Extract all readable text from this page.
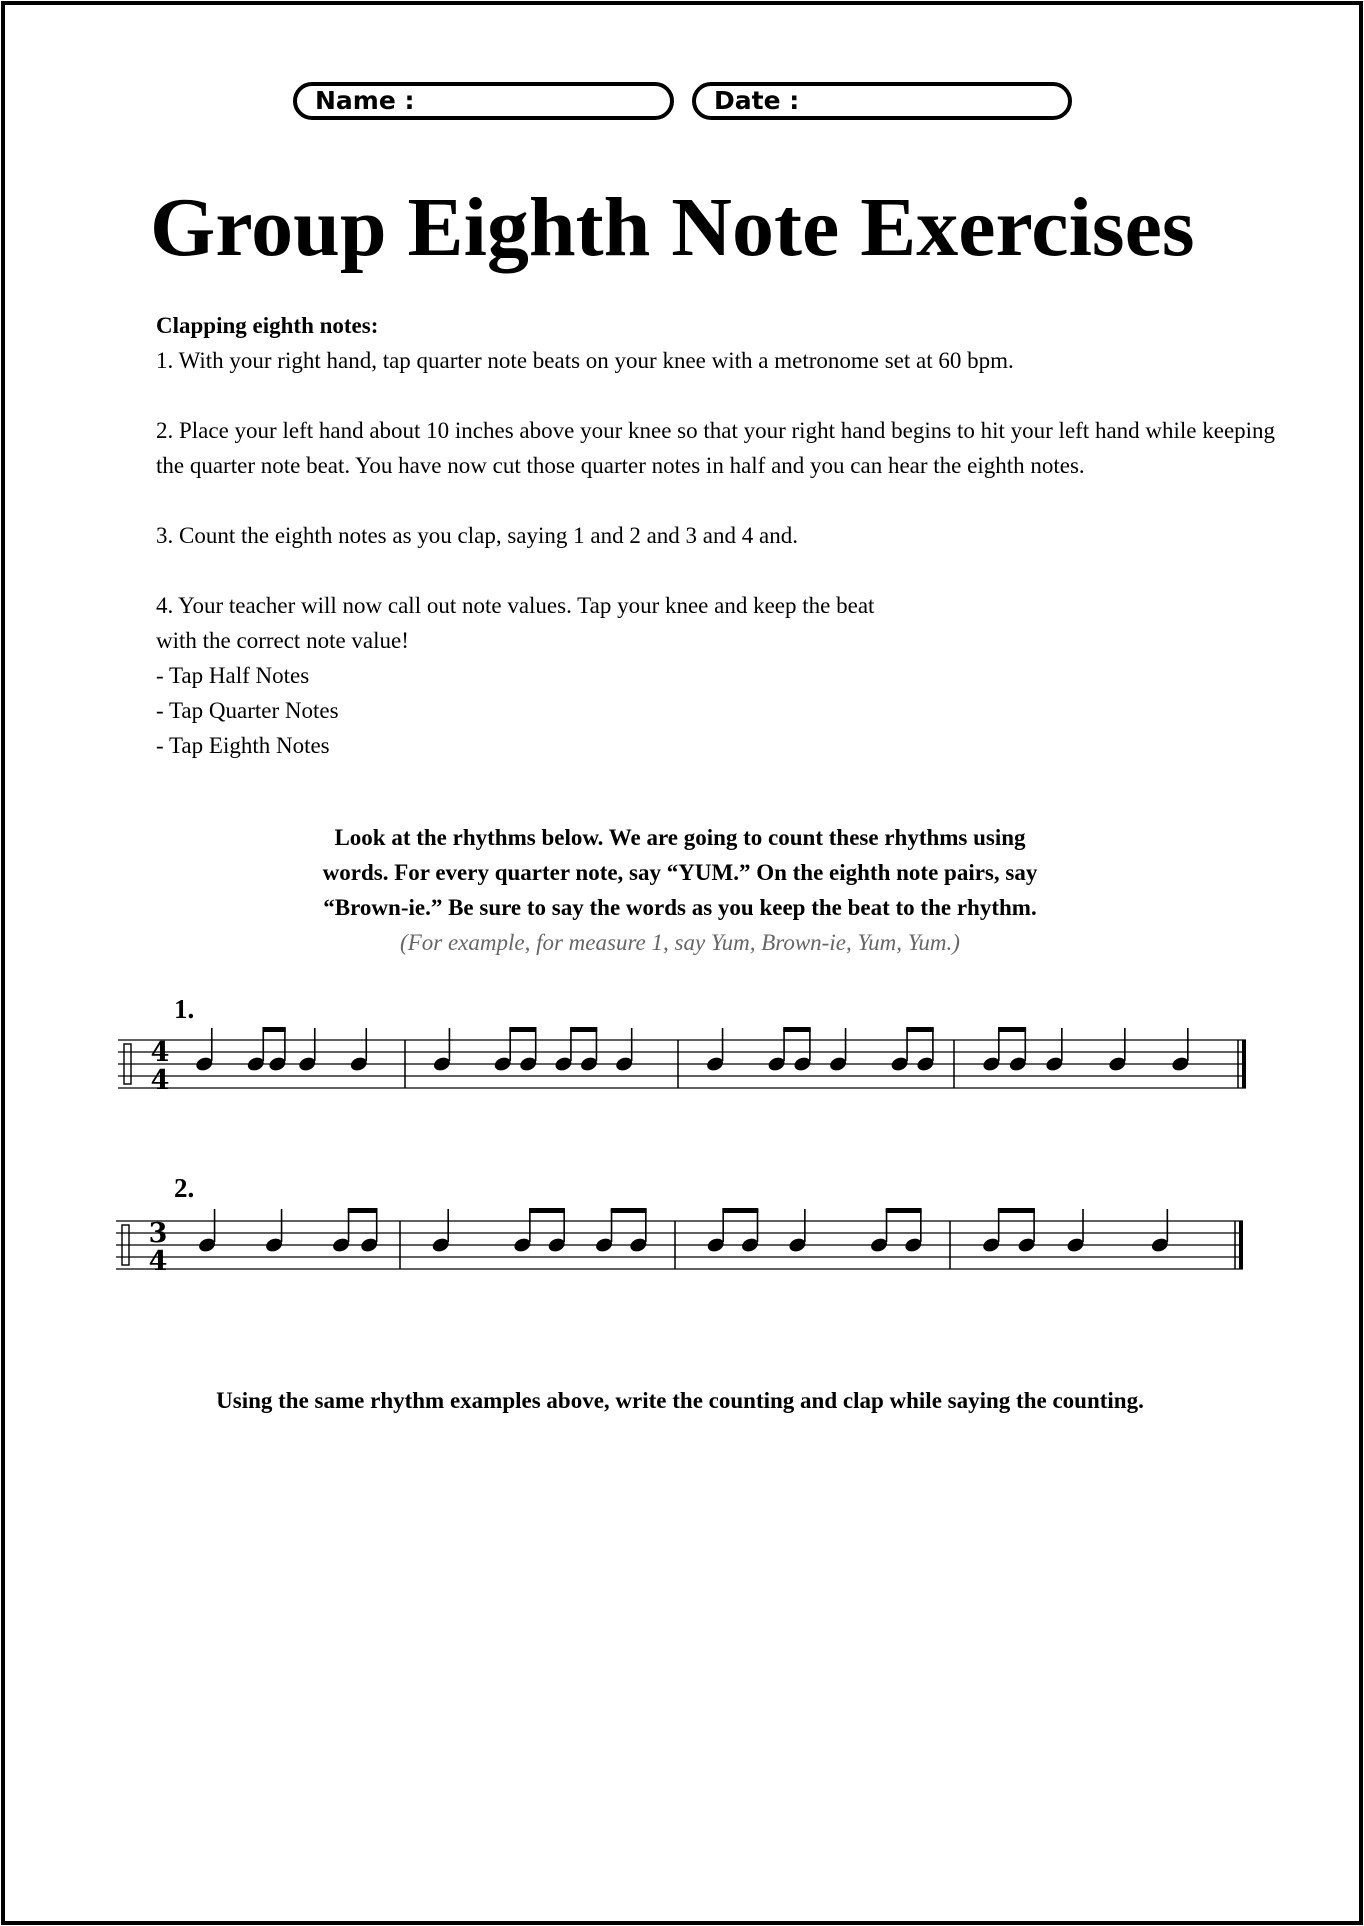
Name :	Date :
Group Eighth Note Exercises

Clapping eighth notes:

1. With your right hand, tap quarter note beats on your knee with a metronome set at 60 bpm.

2. Place your left hand about 10 inches above your knee so that your right hand begins to hit your left hand while keeping the quarter note beat. You have now cut those quarter notes in half and you can hear the eighth notes.

3. Count the eighth notes as you clap, saying 1 and 2 and 3 and 4 and.

4. Your teacher will now call out note values. Tap your knee and keep the beat

with the correct note value!

- Tap Half Notes

- Tap Quarter Notes

- Tap Eighth Notes

Look at the rhythms below. We are going to count these rhythms using

words. For every quarter note, say “YUM.” On the eighth note pairs, say

“Brown-ie.” Be sure to say the words as you keep the beat to the rhythm.

(For example, for measure 1, say Yum, Brown-ie, Yum, Yum.)

1.
2.
4
4
3
4
Using the same rhythm examples above, write the counting and clap while saying the counting.
